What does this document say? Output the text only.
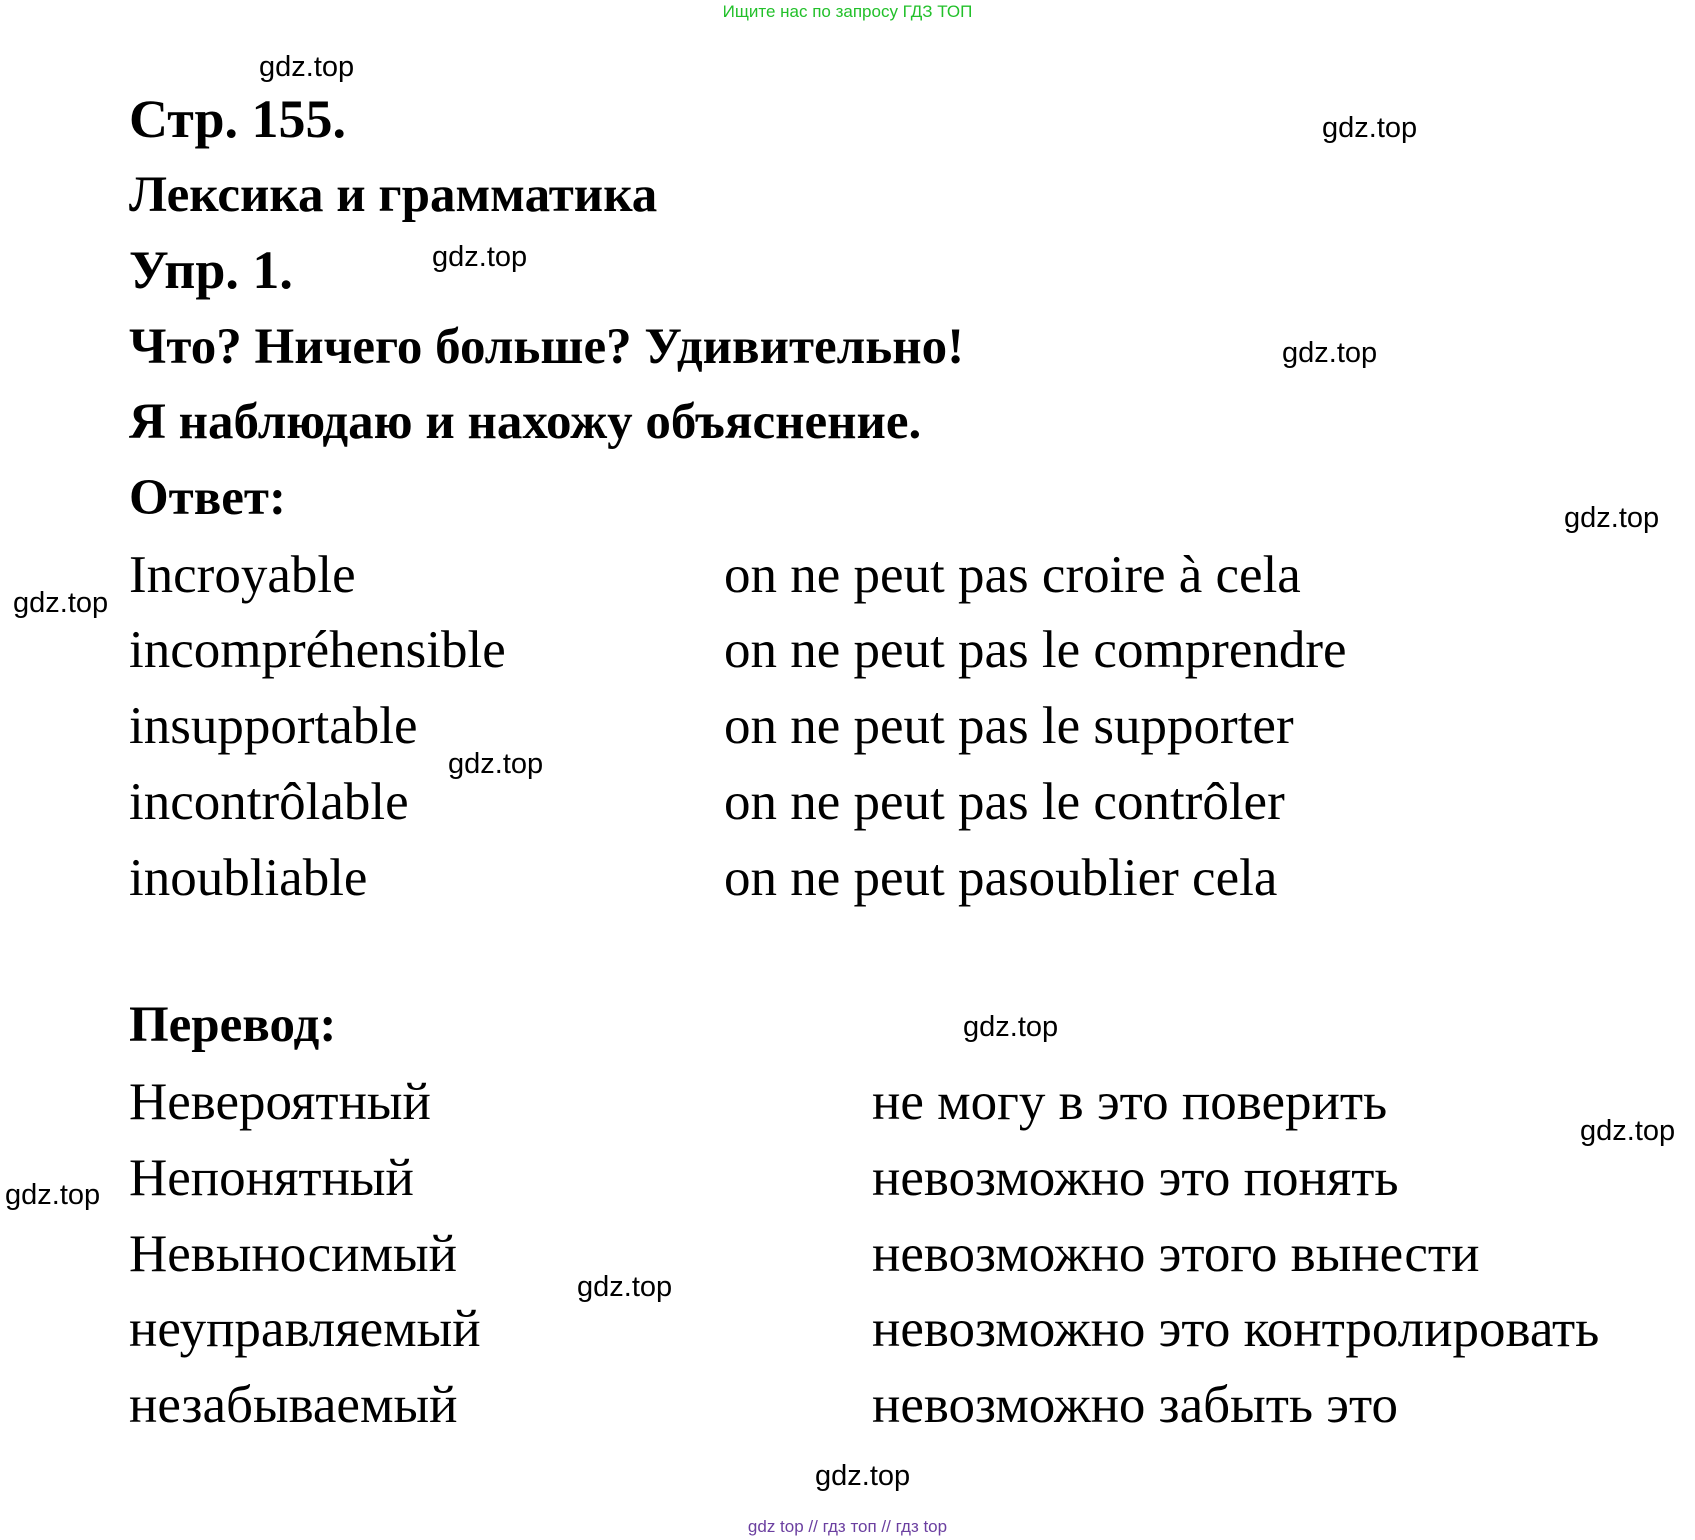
Ищите нас по запросу ГДЗ ТОП
gdz top // гдз топ // гдз top
Стр. 155.
Лексика и грамматика
Упр. 1.
Что? Ничего больше? Удивительно!
Я наблюдаю и нахожу объяснение.
Ответ:
Incroyable	on ne peut pas croire à cela
incompréhensible	on ne peut pas le comprendre
insupportable	on ne peut pas le supporter
incontrôlable	on ne peut pas le contrôler
inoubliable	on ne peut pasoublier cela
Перевод:
Невероятный	не могу в это поверить
Непонятный	невозможно это понять
Невыносимый	невозможно этого вынести
неуправляемый	невозможно это контролировать
незабываемый	невозможно забыть это
gdz.top
gdz.top
gdz.top
gdz.top
gdz.top
gdz.top
gdz.top
gdz.top
gdz.top
gdz.top
gdz.top
gdz.top
